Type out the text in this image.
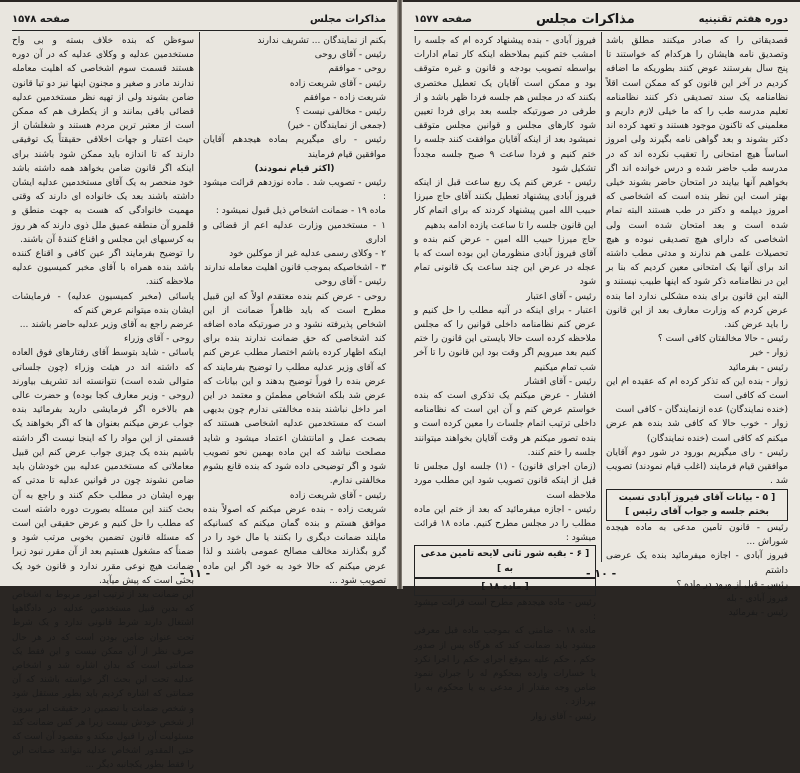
مذاکرات مجلس
صفحه ۱۵۷۸

بکنم از نمایندگان ... تشریف ندارند

رئیس - آقای روحی

روحی - موافقم

رئیس - آقای شریعت زاده

شریعت زاده - موافقم

رئیس - مخالفی نیست ؟

(جمعی از نمایندگان - خیر)

رئیس - رای میگیریم بماده هیجدهم آقایان موافقین قیام فرمایند

(اکثر قیام نمودند)

رئیس - تصویب شد . ماده نوزدهم قرائت میشود :

ماده ۱۹ - ضمانت اشخاص ذیل قبول نمیشود :

۱ - مستخدمین وزارت عدلیه اعم از قضائی و اداری

۲ - وکلای رسمی عدلیه غیر از موکلین خود

۳ - اشخاصیکه بموجب قانون اهلیت معامله ندارند

رئیس - آقای روحی

روحی - عرض کنم بنده معتقدم اولاً که این قبیل مطرح است که باید ظاهراً ضمانت از این اشخاص پذیرفته نشود و در صورتیکه ماده اضافه کند اشخاصی که حق ضمانت ندارند بنده برای اینکه اظهار کرده باشم اختصار مطلب عرض کنم که آقای وزیر عدلیه مطلب را توضیح بفرمایند که عرض بنده را فوراً توضیح بدهند و این بیانات که عرض شد بلکه اشخاص مطمئن و معتمد در این امر داخل نباشند بنده مخالفتی ندارم چون بدیهی است که مستخدمین عدلیه اشخاصی هستند که بصحت عمل و امانتشان اعتماد میشود و شاید مصلحت نباشد که این ماده بهمین نحو تصویب شود و اگر توضیحی داده شود که بنده قانع بشوم مخالفتی ندارم.

رئیس - آقای شریعت زاده

شریعت زاده - بنده عرض میکنم که اصولاً بنده موافق هستم و بنده گمان میکنم که کسانیکه مایلند ضمانت دیگری را بکنند یا مال خود را در گرو بگذارند مخالف مصالح عمومی باشند و لذا عرض میکنم که حالا خود به خود اگر این ماده تصویب شود ...

سوءظن که بنده خلاف بسته و بی واح مستخدمین عدلیه و وکلای عدلیه که در آن دوره هستند قسمت سوم اشخاصی که اهلیت معامله ندارند مادر و صغیر و مجنون اینها نیز دو تیا قانون ضامن بشوند ولی از تهیه نظر مستخدمین عدلیه قضائی باقی بمانند و از یکطرف هم که ممکن است از معتبر ترین مردم هستند و شغلشان از حیث اعتبار و جهات اخلاقی حقیقتاً یک توفیقی دارند که تا اندازه باید ممکن شود باشند برای اینکه اگر قانون ضامن بخواهد همه داشته باشد خود منحصر به یک آقای مستخدمین عدلیه ایشان داشته باشند بعد یک خانواده ای دارند که وقتی مهمیت خانوادگی که هست به جهت منطق و قلمرو آن منطقه عمیق ملل ذوی دارند که هر روز به کرسیهای این مجلس و اقناع کنندهٔ آن باشند.

را توضیح بفرمایند اگر عین کافی و اقناع کننده باشد بنده همراه با آقای مخبر کمیسیون عدلیه ملاحظه کنند.

یاسائی (مخبر کمیسیون عدلیه) - فرمایشات ایشان بنده میتوانم عرض کنم که

عرضم راجع به آقای وزیر عدلیه حاضر باشند ...

روحی - آقای وزراء

یاسائی - شاید بتوسط آقای رفتارهای فوق العاده که داشته اند در هیئت وزراء (چون جلساتی متوالی شده است) نتوانسته اند تشریف بیاورند (روحی - وزیر معارف کجا بوده) و حضرت عالی هم بالاخره اگر فرمایشی دارید بفرمائید بنده جواب عرض میکنم بعنوان ها که اگر بخواهند یک قسمتی از این مواد را که اینجا نیست اگر داشته باشیم بنده یک چیزی جواب عرض کنم این قبیل معاملاتی که مستخدمین عدلیه بین خودشان باید ضامن نشوند چون در قوانین عدلیه تا مدتی که بهره ایشان در مطلب حکم کنند و راجع به آن بحث کنند این مسئله بصورت دوره داشته است که مطلب را حل کنیم و عرض حقیقی این است که مسئله قانون تضمین بخوبی مرتب شود و ضمناً که مشغول هستیم بعد از آن مقرر نبود زیرا ضمانت هیچ نوعی مقرر ندارد و قانون خود یک بحثی است که پیش میآید.

این ضمانت بعد از ترتیب امور مربوط به اشخاص که بدین قبیل مستخدمین عدلیه در دادگاهها اشتغال دارند شرط قانونی ندارد و یک شرط تحت عنوان ضامن بودن است که در هر حال صرف نظر از آن ممکن نیست و این فقط یک ضمانتی است که بدان اشاره شد و اشخاص عدلیه تحت این بحث اگر خواسته باشند که آن ضمانتی که اشاره کردیم باید بطور مستقل شود و شخص ضمانت یا تضمین در حقیقت امر بیرون از شخص خودش نیست زیرا هر کس ضمانت کند مسئولیت آن را قبول میکند و مقصود آن است که حتی المقدور اشخاص عدلیه بتوانند ضمانت این را فقط بطور یکجانبه دیگر ...

- ۱۱ -
دوره هفتم تقنینیه
مذاکرات مجلس
صفحه ۱۵۷۷

قصدیقاتی را که صادر میکنند مطلق باشد وتصدیق نامه هایشان را هرکدام که خواستند تا پنج سال بفرستند عوض کنند بطوریکه ما اضافه کردیم در آخر این قانون کو که ممکن است اقلاً نظامنامه یک سند تصدیقی ذکر کنند نظامنامه تعلیم مدرسه طب را که ما خیلی لازم داریم و معلمینی که تاکنون موجود هستند و تعهد کرده اند دکتر بشوند و بعد گواهی نامه بگیرند ولی امروز اساساً هیچ امتحانی را تعقیب نکرده اند که در مدرسه طب حاضر شده و درس خوانده اند اگر بخواهیم آنها بیایند در امتحان حاضر بشوند خیلی بهتر است این نظر بنده است که اشخاصی که امروز دیپلمه و دکتر در طب هستند البته تمام شده است و بعد امتحان شده است ولی اشخاصی که دارای هیچ تصدیقی نبوده و هیچ تحصیلات علمی هم ندارند و مدتی مطب داشته اند برای آنها یک امتحانی معین کردیم که بنا بر این در نظامنامه ذکر شود که اینها طبیب نیستند و البته این قانون برای بنده مشکلی ندارد اما بنده عرض کردم که وزارت معارف بعد از این قانون را باید عرض کند.

رئیس - حالا مخالفتان کافی است ؟

زوار - خیر

رئیس - بفرمائید

زوار - بنده این که تذکر کرده ام که عقیده ام این است که کافی است

(خنده نمایندگان) عده ازنمایندگان - کافی است

زوار - خوب حالا که کافی شد بنده هم عرض میکنم که کافی است (خنده نمایندگان)

رئیس - رای میگیریم بورود در شور دوم آقایان موافقین قیام فرمایند (اغلب قیام نمودند) تصویب شد .

[ ۵ - بیانات آقای فیروز آبادی نسبت بختم جلسه و جواب آقای رئیس ]

رئیس - قانون تامین مدعی به ماده هیجده شوراش ...

فیروز آبادی - اجازه میفرمائید بنده یک عرضی داشتم

رئیس - قبل از ورود در ماده ؟

فیروز آبادی - بله

رئیس - بفرمائید

فیروز آبادی - بنده پیشنهاد کرده ام که جلسه را امشب ختم کنیم بملاحظه اینکه کار تمام ادارات بواسطه تصویب بودجه و قانون و غیره متوقف بود و ممکن است آقایان یک تعطیل مختصری بکنند که در مجلس هم جلسه فردا ظهر باشد و از طرفی در صورتیکه جلسه بعد برای فردا تعیین شود کارهای مجلس و قوانین مجلس متوقف نمیشود بعد از اینکه آقایان موافقت کنند جلسه را ختم کنیم و فردا ساعت ۹ صبح جلسه مجدداً تشکیل شود

رئیس - عرض کنم یک ربع ساعت قبل از اینکه فیروز آبادی پیشنهاد تعطیل بکنند آقای حاج میرزا حبیب الله امین پیشنهاد کردند که برای اتمام کار این قانون جلسه را تا ساعت یازده ادامه بدهیم

حاج میرزا حبیب الله امین - عرض کنم بنده و آقای فیروز آبادی منظورمان این بوده است که با عجله در عرض این چند ساعت یک قانونی تمام شود

رئیس - آقای اعتبار

اعتبار - برای اینکه در آتیه مطلب را حل کنیم و عرض کنم نظامنامه داخلی قوانین را که مجلس ملاحظه کرده است حالا بایستی این قانون را ختم کنیم بعد میرویم اگر وقت بود این قانون را تا آخر شب تمام میکنیم

رئیس - آقای افشار

افشار - عرض میکنم یک تذکری است که بنده خواستم عرض کنم و آن این است که نظامنامه داخلی ترتیب اتمام جلسات را معین کرده است و بنده تصور میکنم هر وقت آقایان بخواهند میتوانند جلسه را ختم کنند.

(زمان اجرای قانون) - (۱) جلسه اول مجلس تا قبل از اینکه قانون تصویب شود این مطلب مورد ملاحظه است

رئیس - اجازه میفرمائید که بعد از ختم این ماده مطلب را در مجلس مطرح کنیم. ماده ۱۸ قرائت میشود :

[ ۶ - بقیه شور ثانی لایحه تامین مدعی به ]

[ ماده ۱۸ ]

رئیس - ماده هیجدهم مطرح است قرائت میشود :

ماده ۱۸ - ضامنی که بموجب ماده قبل معرفی میشود باید ضمانت کند که هرگاه پس از صدور حکم ، حکم علیه بموقع اجرای حکم را اجرا نکرد یا خسارات وارده بمحکوم له را جبران ننمود ضامن وجه مقدار از مدعی به یا محکوم به را بپردازد .

رئیس - آقای زوار

- ۱۰ -
